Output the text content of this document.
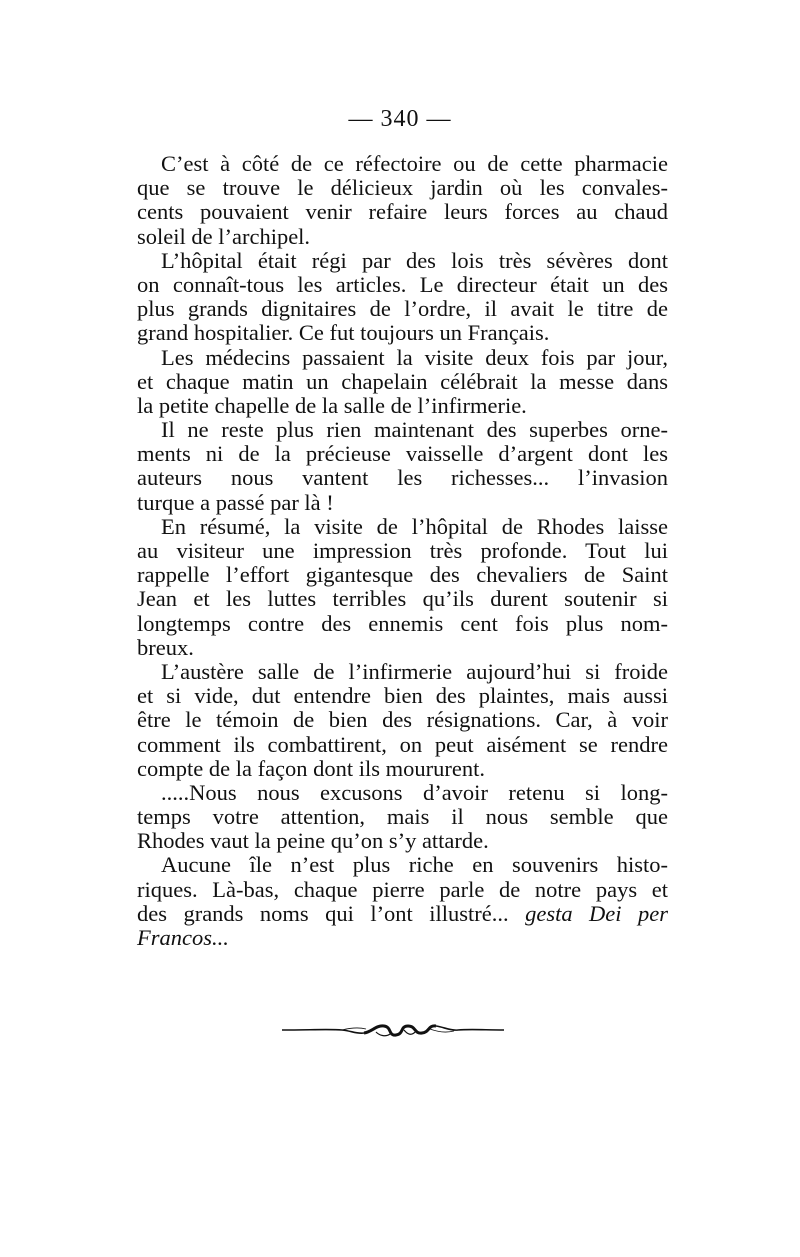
— 340 —
C’est à côté de ce réfectoire ou de cette pharmacie
que se trouve le délicieux jardin où les convales-
cents pouvaient venir refaire leurs forces au chaud
soleil de l’archipel.
L’hôpital était régi par des lois très sévères dont
on connaît-tous les articles. Le directeur était un des
plus grands dignitaires de l’ordre, il avait le titre de
grand hospitalier. Ce fut toujours un Français.
Les médecins passaient la visite deux fois par jour,
et chaque matin un chapelain célébrait la messe dans
la petite chapelle de la salle de l’infirmerie.
Il ne reste plus rien maintenant des superbes orne-
ments ni de la précieuse vaisselle d’argent dont les
auteurs nous vantent les richesses... l’invasion
turque a passé par là !
En résumé, la visite de l’hôpital de Rhodes laisse
au visiteur une impression très profonde. Tout lui
rappelle l’effort gigantesque des chevaliers de Saint
Jean et les luttes terribles qu’ils durent soutenir si
longtemps contre des ennemis cent fois plus nom-
breux.
L’austère salle de l’infirmerie aujourd’hui si froide
et si vide, dut entendre bien des plaintes, mais aussi
être le témoin de bien des résignations. Car, à voir
comment ils combattirent, on peut aisément se rendre
compte de la façon dont ils moururent.
.....Nous nous excusons d’avoir retenu si long-
temps votre attention, mais il nous semble que
Rhodes vaut la peine qu’on s’y attarde.
Aucune île n’est plus riche en souvenirs histo-
riques. Là-bas, chaque pierre parle de notre pays et
des grands noms qui l’ont illustré... gesta Dei per
Francos...
